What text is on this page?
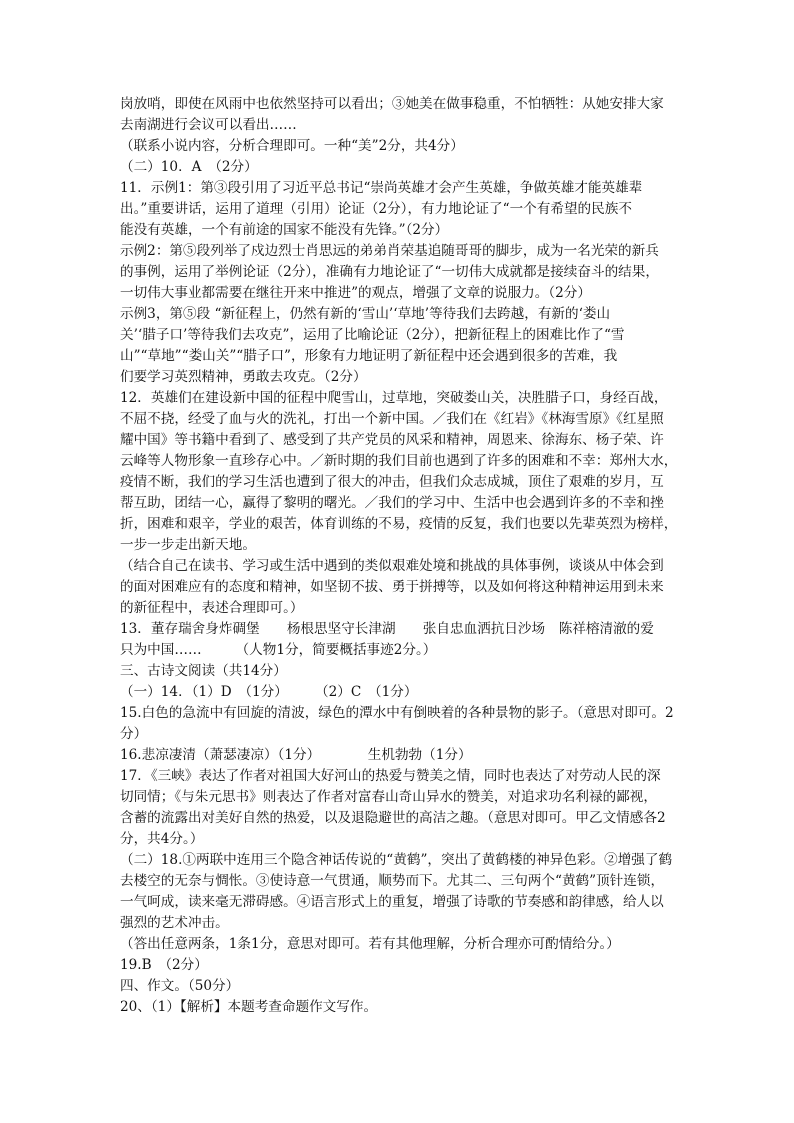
岗放哨，即使在风雨中也依然坚持可以看出；③她美在做事稳重，不怕牺牲：从她安排大家
去南湖进行会议可以看出……
（联系小说内容，分析合理即可。一种“美”2分，共4分）
（二）10．A　（2分）
11．示例1：第③段引用了习近平总书记“崇尚英雄才会产生英雄，争做英雄才能英雄辈
出。”重要讲话，运用了道理（引用）论证（2分），有力地论证了“一个有希望的民族不
能没有英雄，一个有前途的国家不能没有先锋。”（2分）
示例2：第⑤段列举了戍边烈士肖思远的弟弟肖荣基追随哥哥的脚步，成为一名光荣的新兵
的事例，运用了举例论证（2分），准确有力地论证了“一切伟大成就都是接续奋斗的结果，
一切伟大事业都需要在继往开来中推进”的观点，增强了文章的说服力。（2分）
示例3，第⑤段 “新征程上，仍然有新的‘雪山’‘草地’等待我们去跨越，有新的‘娄山
关’‘腊子口’等待我们去攻克”，运用了比喻论证（2分），把新征程上的困难比作了“雪
山”“草地”“娄山关”“腊子口”，形象有力地证明了新征程中还会遇到很多的苦难，我
们要学习英烈精神，勇敢去攻克。（2分）
12．英雄们在建设新中国的征程中爬雪山，过草地，突破娄山关，决胜腊子口，身经百战，
不屈不挠，经受了血与火的洗礼，打出一个新中国。／我们在《红岩》《林海雪原》《红星照
耀中国》等书籍中看到了、感受到了共产党员的风采和精神，周恩来、徐海东、杨子荣、许
云峰等人物形象一直珍存心中。／新时期的我们目前也遇到了许多的困难和不幸：郑州大水，
疫情不断，我们的学习生活也遭到了很大的冲击，但我们众志成城，顶住了艰难的岁月，互
帮互助，团结一心，赢得了黎明的曙光。／我们的学习中、生活中也会遇到许多的不幸和挫
折，困难和艰辛，学业的艰苦，体育训练的不易，疫情的反复，我们也要以先辈英烈为榜样，
一步一步走出新天地。
（结合自己在读书、学习或生活中遇到的类似艰难处境和挑战的具体事例，谈谈从中体会到
的面对困难应有的态度和精神，如坚韧不拔、勇于拼搏等，以及如何将这种精神运用到未来
的新征程中，表述合理即可。）
13．董存瑞舍身炸碉堡　　杨根思坚守长津湖　　张自忠血洒抗日沙场　陈祥榕清澈的爱
只为中国……　　　（人物1分，简要概括事迹2分。）
三、古诗文阅读（共14分）
（一）14．（1）D　（1分）　　　（2）C　（1分）
15.白色的急流中有回旋的清波，绿色的潭水中有倒映着的各种景物的影子。（意思对即可。2
分）
16.悲凉凄清（萧瑟凄凉）（1分）　　　　生机勃勃（1分）
17．《三峡》表达了作者对祖国大好河山的热爱与赞美之情，同时也表达了对劳动人民的深
切同情；《与朱元思书》则表达了作者对富春山奇山异水的赞美，对追求功名利禄的鄙视，
含蓄的流露出对美好自然的热爱，以及退隐避世的高洁之趣。（意思对即可。甲乙文情感各2
分，共4分。）
（二）18.①两联中连用三个隐含神话传说的“黄鹤”，突出了黄鹤楼的神异色彩。②增强了鹤
去楼空的无奈与惆怅。③使诗意一气贯通，顺势而下。尤其二、三句两个“黄鹤”顶针连锁，
一气呵成，读来毫无滞碍感。④语言形式上的重复，增强了诗歌的节奏感和韵律感，给人以
强烈的艺术冲击。
（答出任意两条，1条1分，意思对即可。若有其他理解，分析合理亦可酌情给分。）
19.B　（2分）
四、作文。（50分）
20、（1）【解析】本题考查命题作文写作。
